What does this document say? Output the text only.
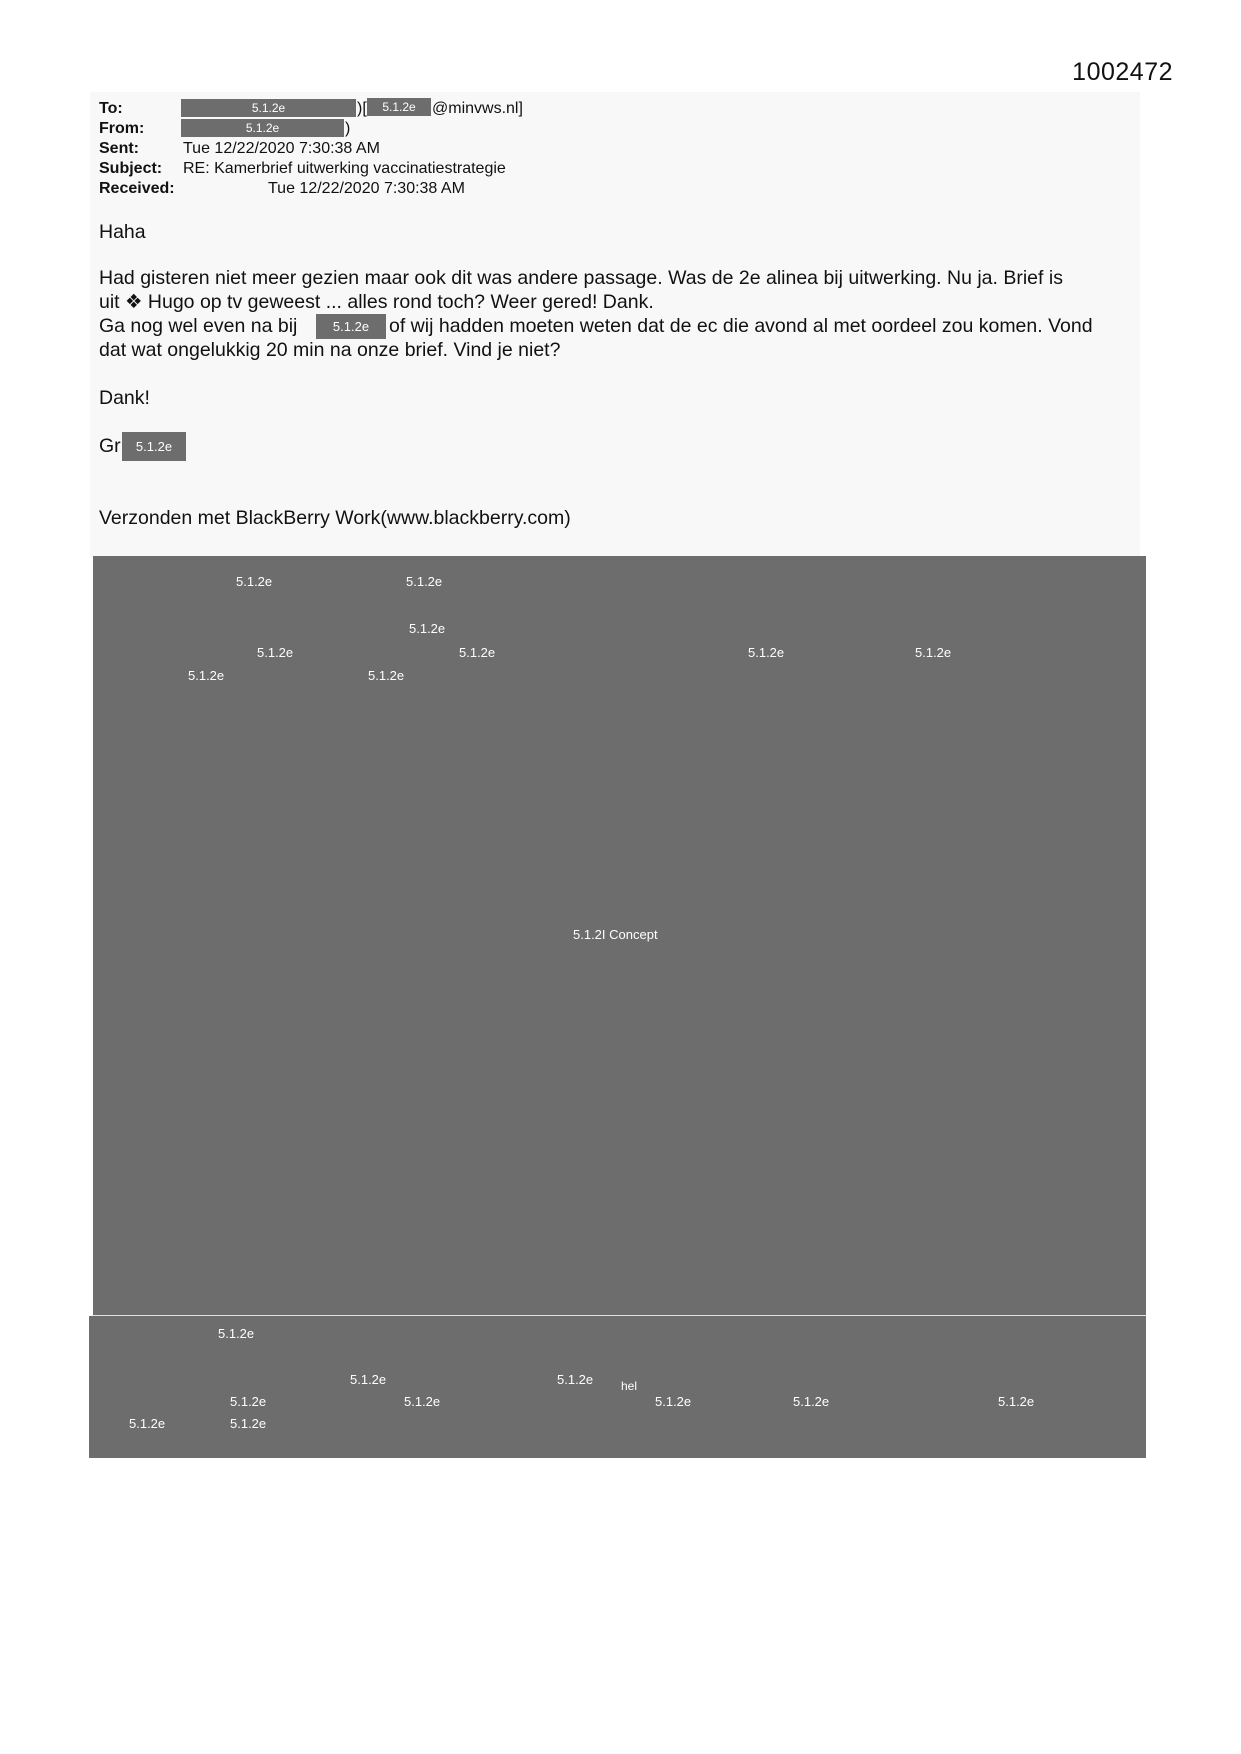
1002472
To:	5.1.2e	)[	5.1.2e	@minvws.nl]
From:	5.1.2e	)
Sent:	Tue 12/22/2020 7:30:38 AM
Subject: RE: Kamerbrief uitwerking vaccinatiestrategie
Received:	Tue 12/22/2020 7:30:38 AM
Haha
Had gisteren niet meer gezien maar ook dit was andere passage. Was de 2e alinea bij uitwerking. Nu ja. Brief is
uit ❖ Hugo op tv geweest ... alles rond toch? Weer gered! Dank.
Ga nog wel even na bij	5.1.2e	of wij hadden moeten weten dat de ec die avond al met oordeel zou komen. Vond
dat wat ongelukkig 20 min na onze brief. Vind je niet?
Dank!
Gr	5.1.2e
Verzonden met BlackBerry Work(www.blackberry.com)
5.1.2e	5.1.2e
5.1.2e
5.1.2e	5.1.2e	5.1.2e	5.1.2e
5.1.2e	5.1.2e
5.1.2I Concept
5.1.2e
5.1.2e	5.1.2e hel
5.1.2e	5.1.2e	5.1.2e	5.1.2e	5.1.2e
5.1.2e	5.1.2e
